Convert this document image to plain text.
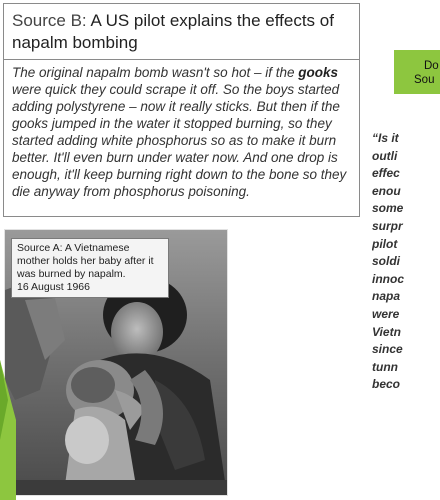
Source B: A US pilot explains the effects of napalm bombing
The original napalm bomb wasn't so hot – if the gooks were quick they could scrape it off. So the boys started adding polystyrene – now it really sticks. But then if the gooks jumped in the water it stopped burning, so they started adding white phosphorus so as to make it burn better. It'll even burn under water now. And one drop is enough, it'll keep burning right down to the bone so they die anyway from phosphorus poisoning.
Source A: A Vietnamese mother holds her baby after it was burned by napalm.
16 August 1966
Do
Sou
“Is it
outli
effec
enou
some
surpr
pilot
soldi
innoc
napa
were
Vietn
since
tunn
beco
